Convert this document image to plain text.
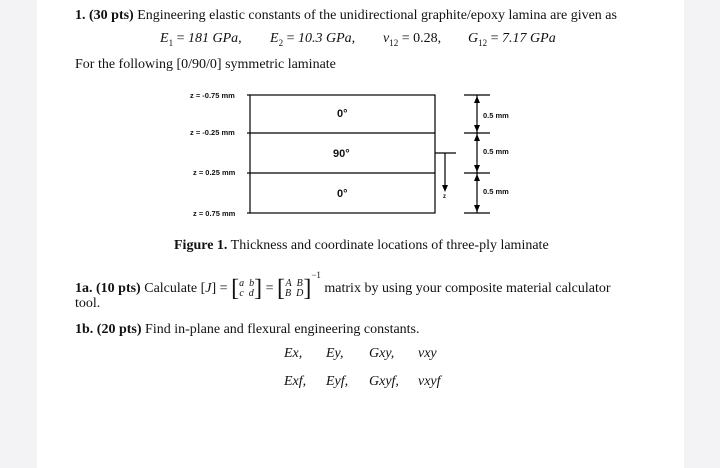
1. (30 pts) Engineering elastic constants of the unidirectional graphite/epoxy lamina are given as
$E_1 = 181$ GPa, $E_2 = 10.3$ GPa, $\nu_{12} = 0.28$, $G_{12} = 7.17$ GPa
For the following [0/90/0] symmetric laminate
z = -0.75 mm
z = -0.25 mm
z = 0.25 mm
z = 0.75 mm
0°
90°
0°
0.5 mm
0.5 mm
0.5 mm
z
Figure 1. Thickness and coordinate locations of three-ply laminate
1a. (10 pts) Calculate [J] = [a b
c d] = [A B
B D]$^{-1}$ matrix by using your composite material calculator
tool.
1b. (20 pts) Find in-plane and flexural engineering constants.
Ex, Ey, Gxy, νxy
Exf, Eyf, Gxyf, νxyf
